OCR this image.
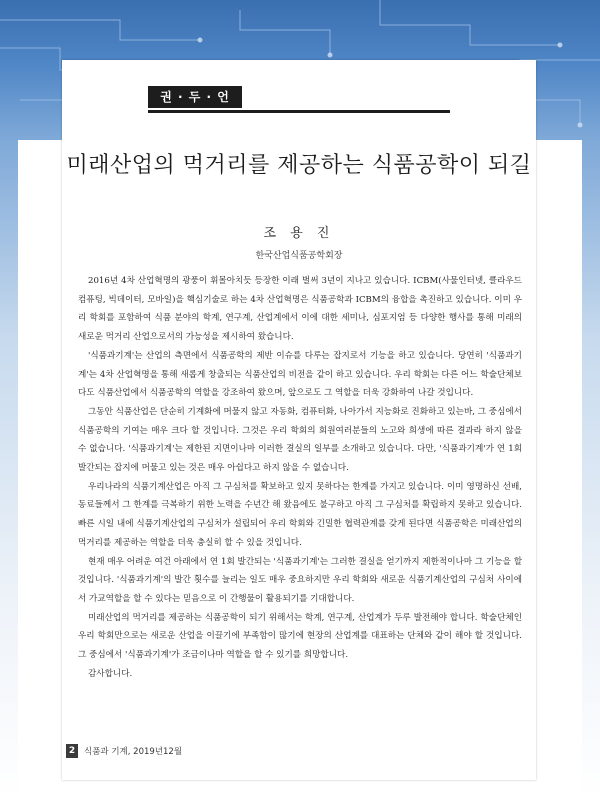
권 · 두 · 언
미래산업의 먹거리를 제공하는 식품공학이 되길
조 용 진
한국산업식품공학회장

2016년 4차 산업혁명의 광풍이 휘몰아치듯 등장한 이래 벌써 3년이 지나고 있습니다. ICBM(사물인터넷, 클라우드컴퓨팅, 빅데이터, 모바일)을 핵심기술로 하는 4차 산업혁명은 식품공학과 ICBM의 융합을 촉진하고 있습니다. 이미 우리 학회를 포함하여 식품 분야의 학계, 연구계, 산업계에서 이에 대한 세미나, 심포지엄 등 다양한 행사를 통해 미래의 새로운 먹거리 산업으로서의 가능성을 제시하여 왔습니다.

'식품과기계'는 산업의 측면에서 식품공학의 제반 이슈를 다루는 잡지로서 기능을 하고 있습니다. 당연히 '식품과기계'는 4차 산업혁명을 통해 새롭게 창출되는 식품산업의 비전을 같이 하고 있습니다. 우리 학회는 다른 어느 학술단체보다도 식품산업에서 식품공학의 역할을 강조하여 왔으며, 앞으로도 그 역할을 더욱 강화하여 나갈 것입니다.

그동안 식품산업은 단순히 기계화에 머물지 않고 자동화, 컴퓨터화, 나아가서 지능화로 진화하고 있는바, 그 중심에서 식품공학의 기여는 매우 크다 할 것입니다. 그것은 우리 학회의 회원여러분들의 노고와 희생에 따른 결과라 하지 않을 수 없습니다. '식품과기계'는 제한된 지면이나마 이러한 결실의 일부를 소개하고 있습니다. 다만, '식품과기계'가 연 1회 발간되는 잡지에 머물고 있는 것은 매우 아쉽다고 하지 않을 수 없습니다.

우리나라의 식품기계산업은 아직 그 구심처를 확보하고 있지 못하다는 한계를 가지고 있습니다. 이미 영명하신 선배, 동료들께서 그 한계를 극복하기 위한 노력을 수년간 해 왔음에도 불구하고 아직 그 구심처를 확립하지 못하고 있습니다. 빠른 시일 내에 식품기계산업의 구심처가 설립되어 우리 학회와 긴밀한 협력관계를 갖게 된다면 식품공학은 미래산업의 먹거리를 제공하는 역할을 더욱 충실히 할 수 있을 것입니다.

현재 매우 어려운 여건 아래에서 연 1회 발간되는 '식품과기계'는 그러한 결실을 얻기까지 제한적이나마 그 기능을 할 것입니다. '식품과기계'의 발간 횟수를 늘리는 일도 매우 중요하지만 우리 학회와 새로운 식품기계산업의 구심처 사이에서 가교역할을 할 수 있다는 믿음으로 이 간행물이 활용되기를 기대합니다.

미래산업의 먹거리를 제공하는 식품공학이 되기 위해서는 학계, 연구계, 산업계가 두루 발전해야 합니다. 학술단체인 우리 학회만으로는 새로운 산업을 이끌기에 부족함이 많기에 현장의 산업계를 대표하는 단체와 같이 해야 할 것입니다. 그 중심에서 '식품과기계'가 조금이나마 역할을 할 수 있기를 희망합니다.

감사합니다.

2	식품과 기계, 2019년12월
